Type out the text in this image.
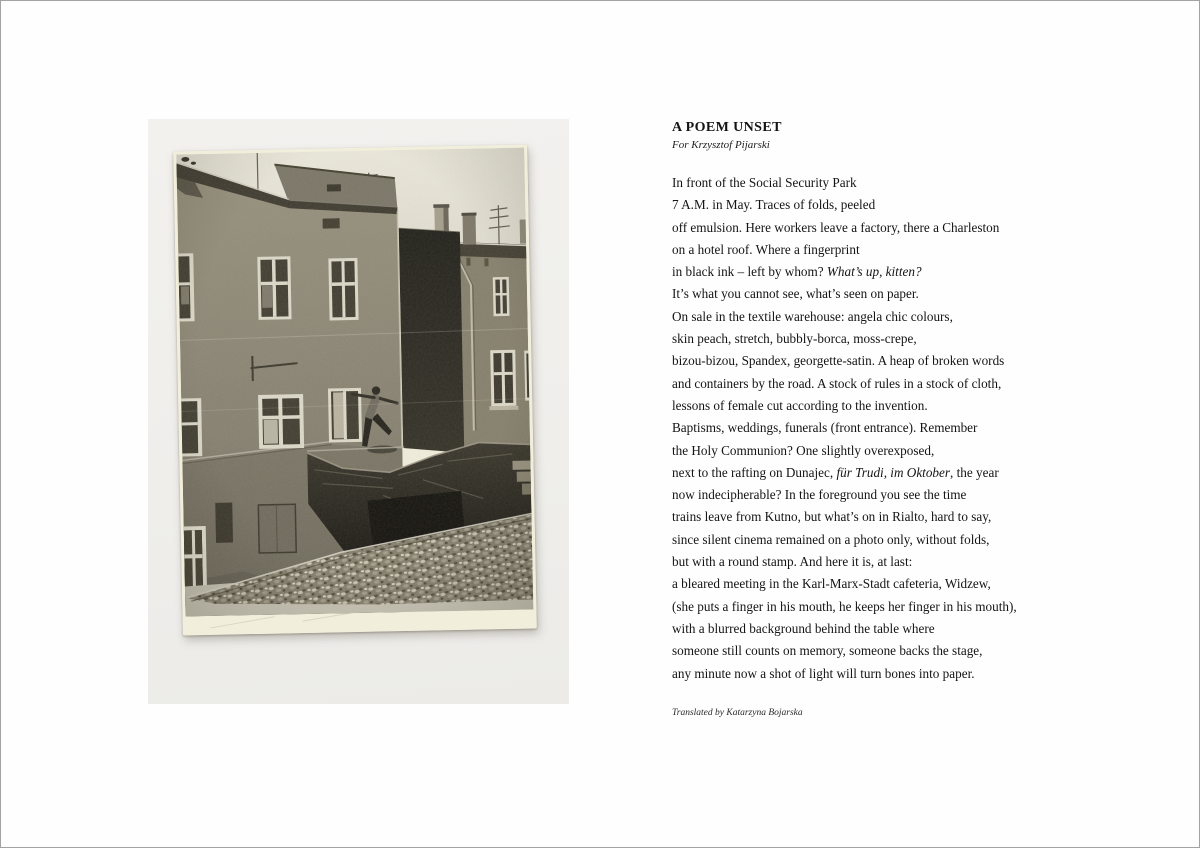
A POEM UNSET
For Krzysztof Pijarski
In front of the Social Security Park
7 A.M. in May. Traces of folds, peeled
off emulsion. Here workers leave a factory, there a Charleston
on a hotel roof. Where a fingerprint
in black ink – left by whom? What’s up, kitten?
It’s what you cannot see, what’s seen on paper.
On sale in the textile warehouse: angela chic colours,
skin peach, stretch, bubbly-borca, moss-crepe,
bizou-bizou, Spandex, georgette-satin. A heap of broken words
and containers by the road. A stock of rules in a stock of cloth,
lessons of female cut according to the invention.
Baptisms, weddings, funerals (front entrance). Remember
the Holy Communion? One slightly overexposed,
next to the rafting on Dunajec, für Trudi, im Oktober, the year
now indecipherable? In the foreground you see the time
trains leave from Kutno, but what’s on in Rialto, hard to say,
since silent cinema remained on a photo only, without folds,
but with a round stamp. And here it is, at last:
a bleared meeting in the Karl-Marx-Stadt cafeteria, Widzew,
(she puts a finger in his mouth, he keeps her finger in his mouth),
with a blurred background behind the table where
someone still counts on memory, someone backs the stage,
any minute now a shot of light will turn bones into paper.
Translated by Katarzyna Bojarska
